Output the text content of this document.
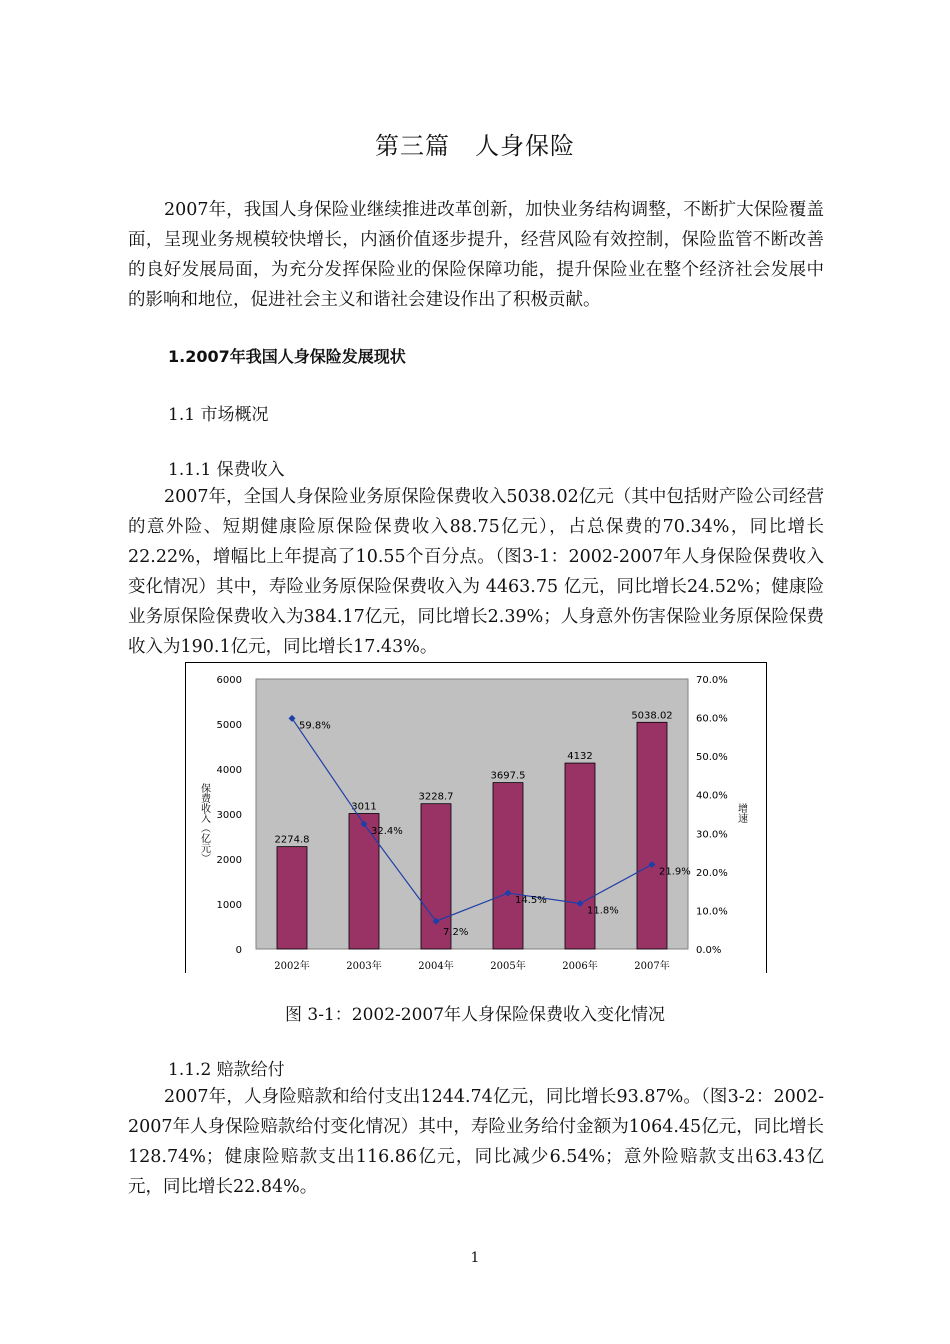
第三篇　人身保险

2007年，我国人身保险业继续推进改革创新，加快业务结构调整，不断扩大保险覆盖面，呈现业务规模较快增长，内涵价值逐步提升，经营风险有效控制，保险监管不断改善的良好发展局面，为充分发挥保险业的保险保障功能，提升保险业在整个经济社会发展中的影响和地位，促进社会主义和谐社会建设作出了积极贡献。

1.2007年我国人身保险发展现状
1.1 市场概况
1.1.1 保费收入

2007年，全国人身保险业务原保险保费收入5038.02亿元（其中包括财产险公司经营的意外险、短期健康险原保险保费收入88.75亿元），占总保费的70.34%，同比增长22.22%，增幅比上年提高了10.55个百分点。（图3-1：2002-2007年人身保险保费收入变化情况）其中，寿险业务原保险保费收入为 4463.75 亿元，同比增长24.52%；健康险业务原保险保费收入为384.17亿元，同比增长2.39%；人身意外伤害保险业务原保险保费收入为190.1亿元，同比增长17.43%。

0
1000
2000
3000
4000
5000
6000
0.0%
10.0%
20.0%
30.0%
40.0%
50.0%
60.0%
70.0%
保费收入（亿元）	增速
2002年	2003年	2004年	2005年	2006年	2007年
2274.8
3011
3228.7
3697.5
4132
5038.02
59.8%
32.4%
7.2%
14.5%
11.8%
21.9%
图 3-1：2002-2007年人身保险保费收入变化情况
1.1.2 赔款给付

2007年，人身险赔款和给付支出1244.74亿元，同比增长93.87%。（图3-2：2002-2007年人身保险赔款给付变化情况）其中，寿险业务给付金额为1064.45亿元，同比增长128.74%；健康险赔款支出116.86亿元，同比减少6.54%；意外险赔款支出63.43亿元，同比增长22.84%。

1
